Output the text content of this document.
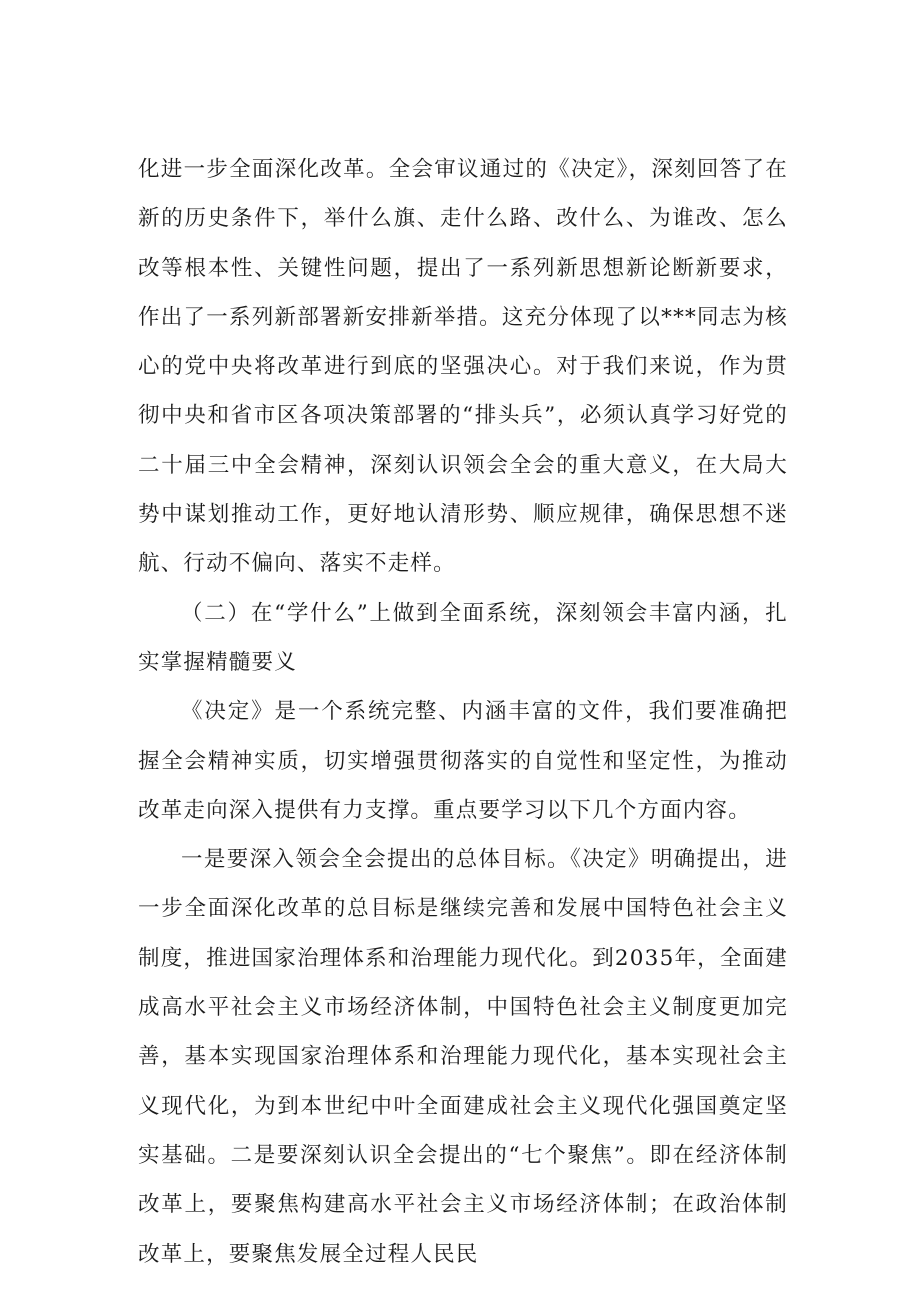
化进一步全面深化改革。全会审议通过的《决定》，深刻回答了在新的历史条件下，举什么旗、走什么路、改什么、为谁改、怎么改等根本性、关键性问题，提出了一系列新思想新论断新要求，作出了一系列新部署新安排新举措。这充分体现了以***同志为核心的党中央将改革进行到底的坚强决心。对于我们来说，作为贯彻中央和省市区各项决策部署的“排头兵”，必须认真学习好党的二十届三中全会精神，深刻认识领会全会的重大意义，在大局大势中谋划推动工作，更好地认清形势、顺应规律，确保思想不迷航、行动不偏向、落实不走样。

（二）在“学什么”上做到全面系统，深刻领会丰富内涵，扎实掌握精髓要义

《决定》是一个系统完整、内涵丰富的文件，我们要准确把握全会精神实质，切实增强贯彻落实的自觉性和坚定性，为推动改革走向深入提供有力支撑。重点要学习以下几个方面内容。

一是要深入领会全会提出的总体目标。《决定》明确提出，进一步全面深化改革的总目标是继续完善和发展中国特色社会主义制度，推进国家治理体系和治理能力现代化。到2035年，全面建成高水平社会主义市场经济体制，中国特色社会主义制度更加完善，基本实现国家治理体系和治理能力现代化，基本实现社会主义现代化，为到本世纪中叶全面建成社会主义现代化强国奠定坚实基础。二是要深刻认识全会提出的“七个聚焦”。即在经济体制改革上，要聚焦构建高水平社会主义市场经济体制；在政治体制改革上，要聚焦发展全过程人民民
